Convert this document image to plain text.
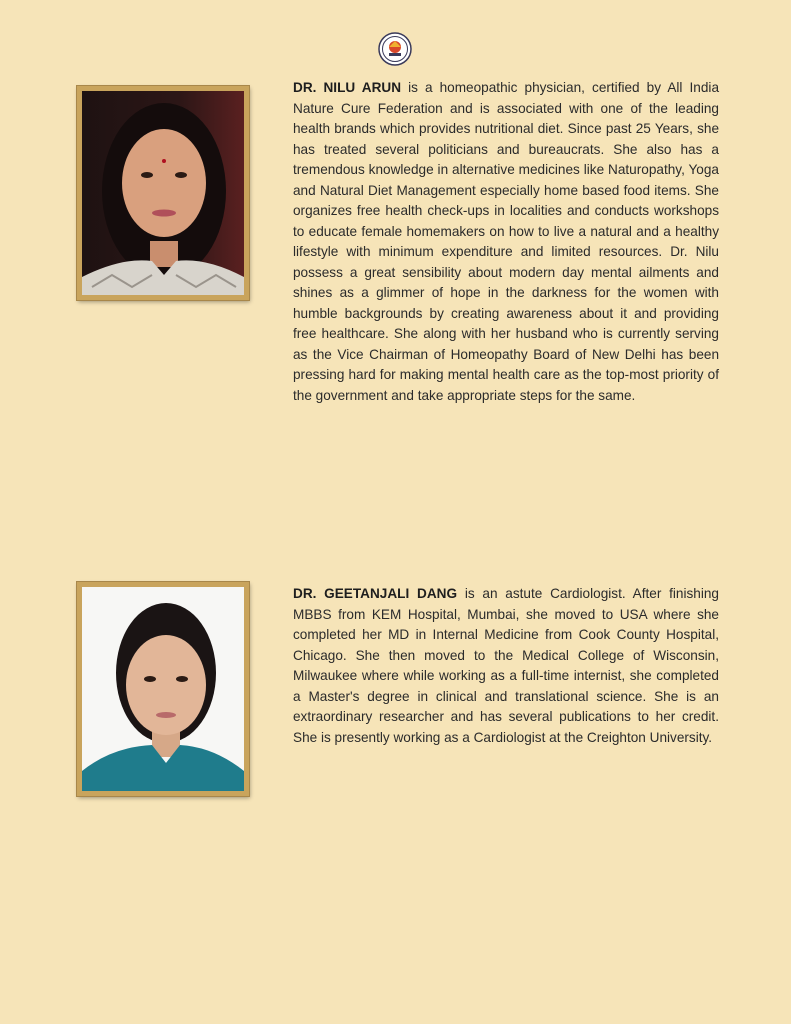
DR. NILU ARUN is a homeopathic physician, certified by All India Nature Cure Federation and is associated with one of the leading health brands which provides nutritional diet. Since past 25 Years, she has treated several politicians and bureaucrats. She also has a tremendous knowledge in alternative medicines like Naturopathy, Yoga and Natural Diet Management especially home based food items. She organizes free health check-ups in localities and conducts workshops to educate female homemakers on how to live a natural and a healthy lifestyle with minimum expenditure and limited resources. Dr. Nilu possess a great sensibility about modern day mental ailments and shines as a glimmer of hope in the darkness for the women with humble backgrounds by creating awareness about it and providing free healthcare. She along with her husband who is currently serving as the Vice Chairman of Homeopathy Board of New Delhi has been pressing hard for making mental health care as the top-most priority of the government and take appropriate steps for the same.

DR. GEETANJALI DANG is an astute Cardiologist. After finishing MBBS from KEM Hospital, Mumbai, she moved to USA where she completed her MD in Internal Medicine from Cook County Hospital, Chicago. She then moved to the Medical College of Wisconsin, Milwaukee where while working as a full-time internist, she completed a Master's degree in clinical and translational science. She is an extraordinary researcher and has several publications to her credit. She is presently working as a Cardiologist at the Creighton University.
